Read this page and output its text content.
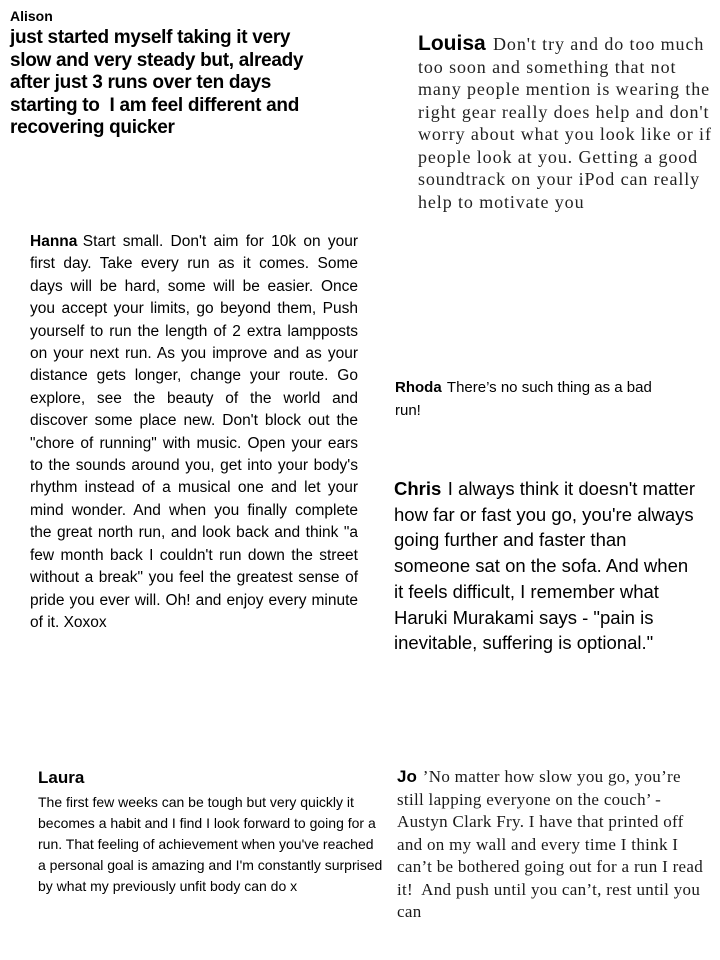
Alison
just started myself taking it very slow and very steady but, already after just 3 runs over ten days starting to  I am feel different and recovering quicker
Louisa Don't try and do too much too soon and something that not many people mention is wearing the right gear really does help and don't worry about what you look like or if people look at you. Getting a good soundtrack on your iPod can really help to motivate you
Hanna Start small. Don't aim for 10k on your first day. Take every run as it comes. Some days will be hard, some will be easier. Once you accept your limits, go beyond them, Push yourself to run the length of 2 extra lampposts on your next run. As you improve and as your distance gets longer, change your route. Go explore, see the beauty of the world and discover some place new. Don't block out the "chore of running" with music. Open your ears to the sounds around you, get into your body's rhythm instead of a musical one and let your mind wonder. And when you finally complete the great north run, and look back and think "a few month back I couldn't run down the street without a break" you feel the greatest sense of pride you ever will. Oh! and enjoy every minute of it. Xoxox
Rhoda There’s no such thing as a bad run!
Chris I always think it doesn't matter how far or fast you go, you're always going further and faster than someone sat on the sofa. And when it feels difficult, I remember what Haruki Murakami says - "pain is inevitable, suffering is optional."
Laura
The first few weeks can be tough but very quickly it becomes a habit and I find I look forward to going for a run. That feeling of achievement when you've reached a personal goal is amazing and I'm constantly surprised by what my previously unfit body can do x
Jo ’No matter how slow you go, you’re still lapping everyone on the couch’ - Austyn Clark Fry. I have that printed off and on my wall and every time I think I can’t be bothered going out for a run I read it!  And push until you can’t, rest until you can
